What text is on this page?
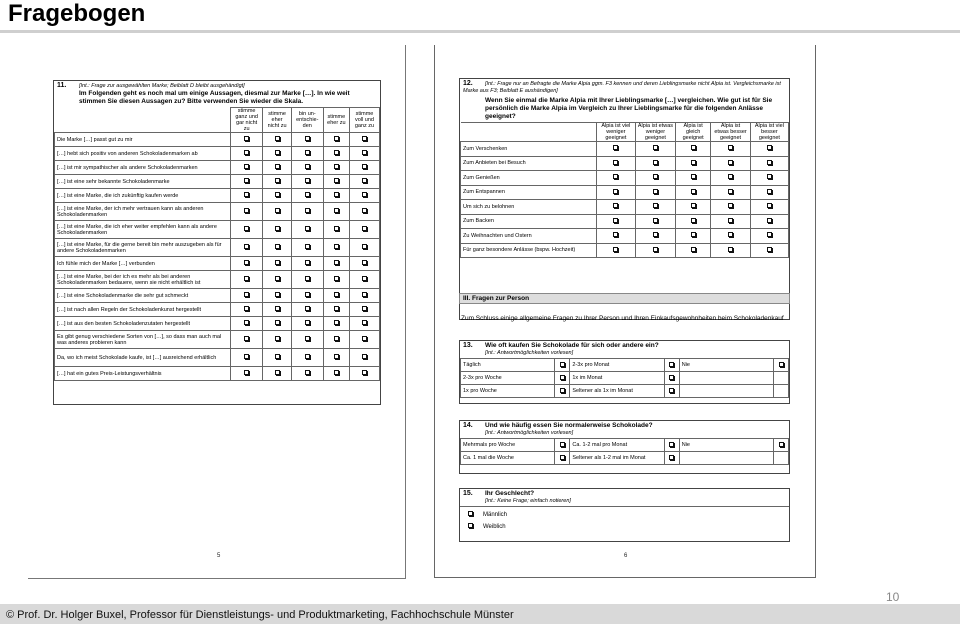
Fragebogen
11. [Int.: Frage zur ausgewählten Marke; Beiblatt D bleibt ausgehändigt]
Im Folgenden geht es noch mal um einige Aussagen, diesmal zur Marke […]. In wie weit stimmen Sie diesen Aussagen zu? Bitte verwenden Sie wieder die Skala.
	stimme ganz und gar nicht zu	stimme eher nicht zu	bin un-entschie-den	stimme eher zu	stimme voll und ganz zu
Die Marke […] passt gut zu mir					
[…] hebt sich positiv von anderen Schokoladenmarken ab					
[…] ist mir sympathischer als andere Schokoladenmarken					
[…] ist eine sehr bekannte Schokoladenmarke					
[…] ist eine Marke, die ich zukünftig kaufen werde					
[…] ist eine Marke, der ich mehr vertrauen kann als anderen Schokoladenmarken					
[…] ist eine Marke, die ich eher weiter empfehlen kann als andere Schokoladenmarken					
[…] ist eine Marke, für die gerne bereit bin mehr auszugeben als für andere Schokoladenmarken					
Ich fühle mich der Marke […] verbunden					
[…] ist eine Marke, bei der ich es mehr als bei anderen Schokoladenmarken bedauere, wenn sie nicht erhältlich ist					
[…] ist eine Schokoladenmarke die sehr gut schmeckt					
[…] ist nach allen Regeln der Schokoladenkunst hergestellt					
[…] ist aus den besten Schokoladenzutaten hergestellt					
Es gibt genug verschiedene Sorten von […], so dass man auch mal was anderes probieren kann					
Da, wo ich meist Schokolade kaufe, ist […] ausreichend erhältlich					
[…] hat ein gutes Preis-Leistungsverhältnis					
5
12. [Int.: Frage nur an Befragte die Marke Alpia ggm. F3 kennen und deren Lieblingsmarke nicht Alpia ist. Vergleichsmarke ist Marke aus F3; Beiblatt E aushändigen]
Wenn Sie einmal die Marke Alpia mit Ihrer Lieblingsmarke […] vergleichen. Wie gut ist für Sie persönlich die Marke Alpia im Vergleich zu Ihrer Lieblingsmarke für die folgenden Anlässe geeignet?
	Alpia ist viel weniger geeignet	Alpia ist etwas weniger geeignet	Alpia ist gleich geeignet	Alpia ist etwas besser geeignet	Alpia ist viel besser geeignet
Zum Verschenken					
Zum Anbieten bei Besuch					
Zum Genießen					
Zum Entspannen					
Um sich zu belohnen					
Zum Backen					
Zu Weihnachten und Ostern					
Für ganz besondere Anlässe (bspw. Hochzeit)					
III. Fragen zur Person
Zum Schluss einige allgemeine Fragen zu Ihrer Person und Ihren Einkaufsgewohnheiten beim Schokoladenkauf
13. Wie oft kaufen Sie Schokolade für sich oder andere ein?
[Int.: Antwortmöglichkeiten vorlesen]
Täglich		2-3x pro Monat		Nie	
2-3x pro Woche		1x im Monat			
1x pro Woche		Seltener als 1x im Monat			
14. Und wie häufig essen Sie normalerweise Schokolade?
[Int.: Antwortmöglichkeiten vorlesen]
Mehrmals pro Woche		Ca. 1-2 mal pro Monat		Nie	
Ca. 1 mal die Woche		Seltener als 1-2 mal im Monat			
15. Ihr Geschlecht?
[Int.: Keine Frage; einfach notieren]
Männlich
Weiblich
6
10
© Prof. Dr. Holger Buxel, Professor für Dienstleistungs- und Produktmarketing, Fachhochschule Münster
